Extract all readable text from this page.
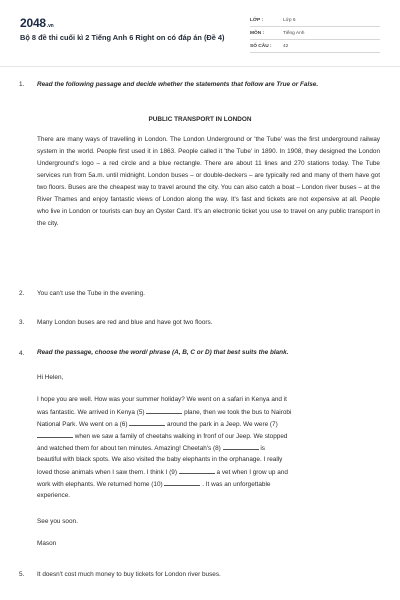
2048.vn
Bộ 8 đề thi cuối kì 2 Tiếng Anh 6 Right on có đáp án (Đề 4)
LỚP :	Lớp 6
MÔN :	Tiếng Anh
SỐ CÂU :	42
1. Read the following passage and decide whether the statements that follow are True or False.
PUBLIC TRANSPORT IN LONDON
There are many ways of travelling in London. The London Underground or 'the Tube' was the first underground railway system in the world. People first used it in 1863. People called it 'the Tube' in 1890. In 1908, they designed the London Underground's logo – a red circle and a blue rectangle. There are about 11 lines and 270 stations today. The Tube services run from 5a.m. until midnight. London buses – or double-deckers – are typically red and many of them have got two floors. Buses are the cheapest way to travel around the city. You can also catch a boat – London river buses – at the River Thames and enjoy fantastic views of London along the way. It's fast and tickets are not expensive at all. People who live in London or tourists can buy an Oyster Card. It's an electronic ticket you use to travel on any public transport in the city.
2. You can't use the Tube in the evening.
3. Many London buses are red and blue and have got two floors.
4. Read the passage, choose the word/ phrase (A, B, C or D) that best suits the blank.
Hi Helen,
I hope you are well. How was your summer holiday? We went on a safari in Kenya and it
was fantastic. We arrived in Kenya (5)	plane, then we took the bus to Nairobi
National Park. We went on a (6)	around the park in a Jeep. We were (7)
when we saw a family of cheetahs walking in fronf of our Jeep. We stopped
and watched them for about ten minutes. Amazing! Cheetah's (8)	is
beautiful with black spots. We also visited the baby elephants in the orphanage. I really
loved those animals when I saw them. I think I (9)	a vet when I grow up and
work with elephants. We returned home (10)	. It was an unforgettable
experience.
See you soon.
Mason
5. It doesn't cost much money to buy tickets for London river buses.
